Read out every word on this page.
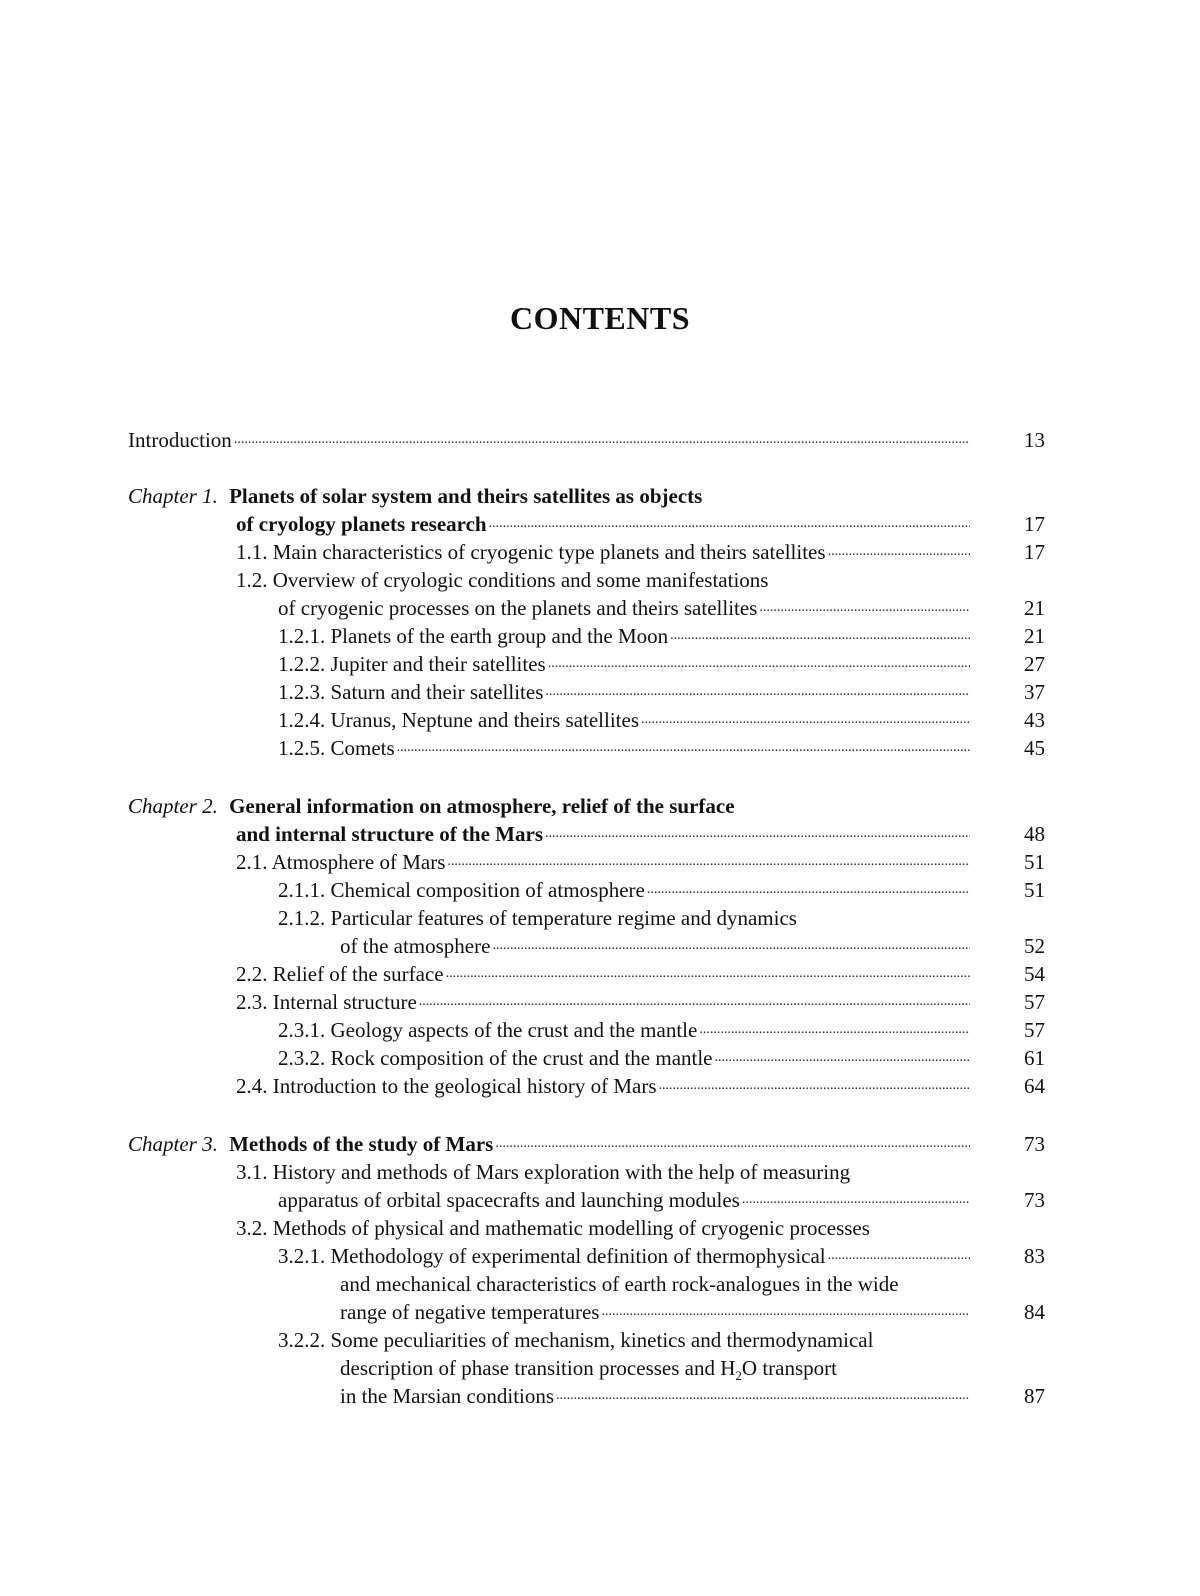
CONTENTS
Introduction
.....	13
Chapter 1. Planets of solar system and theirs satellites as objects
of cryology planets research
.....	17
1.1. Main characteristics of cryogenic type planets and theirs satellites
.....	17
1.2. Overview of cryologic conditions and some manifestations
of cryogenic processes on the planets and theirs satellites
.....	21
1.2.1. Planets of the earth group and the Moon
.....	21
1.2.2. Jupiter and their satellites
.....	27
1.2.3. Saturn and their satellites
.....	37
1.2.4. Uranus, Neptune and theirs satellites
.....	43
1.2.5. Comets
.....	45
Chapter 2. General information on atmosphere, relief of the surface
and internal structure of the Mars
.....	48
2.1. Atmosphere of Mars
.....	51
2.1.1. Chemical composition of atmosphere
.....	51
2.1.2. Particular features of temperature regime and dynamics
of the atmosphere
.....	52
2.2. Relief of the surface
.....	54
2.3. Internal structure
.....	57
2.3.1. Geology aspects of the crust and the mantle
.....	57
2.3.2. Rock composition of the crust and the mantle
.....	61
2.4. Introduction to the geological history of Mars
.....	64
Chapter 3. Methods of the study of Mars
.....	73
3.1. History and methods of Mars exploration with the help of measuring
apparatus of orbital spacecrafts and launching modules
.....	73
3.2. Methods of physical and mathematic modelling of cryogenic processes
3.2.1. Methodology of experimental definition of thermophysical
.....	83
and mechanical characteristics of earth rock-analogues in the wide
range of negative temperatures
.....	84
3.2.2. Some peculiarities of mechanism, kinetics and thermodynamical
description of phase transition processes and H2O transport
in the Marsian conditions
.....	87
